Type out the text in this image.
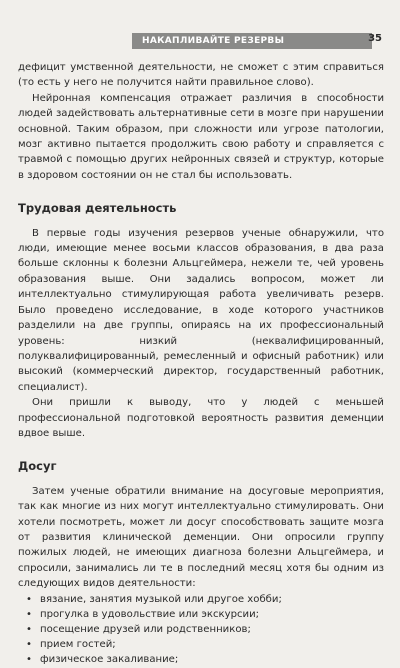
НАКАПЛИВАЙТЕ РЕЗЕРВЫ	35

дефицит умственной деятельности, не сможет с этим справиться (то есть у него не получится найти правильное слово).

Нейронная компенсация отражает различия в способности людей задействовать альтернативные сети в мозге при нарушении основной. Таким образом, при сложности или угрозе патологии, мозг активно пытается продолжить свою работу и справляется с травмой с помощью других нейронных связей и структур, которые в здоровом состоянии он не стал бы использовать.

Трудовая деятельность

В первые годы изучения резервов ученые обнаружили, что люди, имеющие менее восьми классов образования, в два раза больше склонны к болезни Альцгеймера, нежели те, чей уровень образования выше. Они задались вопросом, может ли интеллектуально стимулирующая работа увеличивать резерв. Было проведено исследование, в ходе которого участников разделили на две группы, опираясь на их профессиональный уровень: низкий (неквалифицированный, полуквалифицированный, ремесленный и офисный работник) или высокий (коммерческий директор, государственный работник, специалист).

Они пришли к выводу, что у людей с меньшей профессиональной подготовкой вероятность развития деменции вдвое выше.

Досуг

Затем ученые обратили внимание на досуговые мероприятия, так как многие из них могут интеллектуально стимулировать. Они хотели посмотреть, может ли досуг способствовать защите мозга от развития клинической деменции. Они опросили группу пожилых людей, не имеющих диагноза болезни Альцгеймера, и спросили, занимались ли те в последний месяц хотя бы одним из следующих видов деятельности:

• вязание, занятия музыкой или другое хобби;
• прогулка в удовольствие или экскурсии;
• посещение друзей или родственников;
• прием гостей;
• физическое закаливание;
